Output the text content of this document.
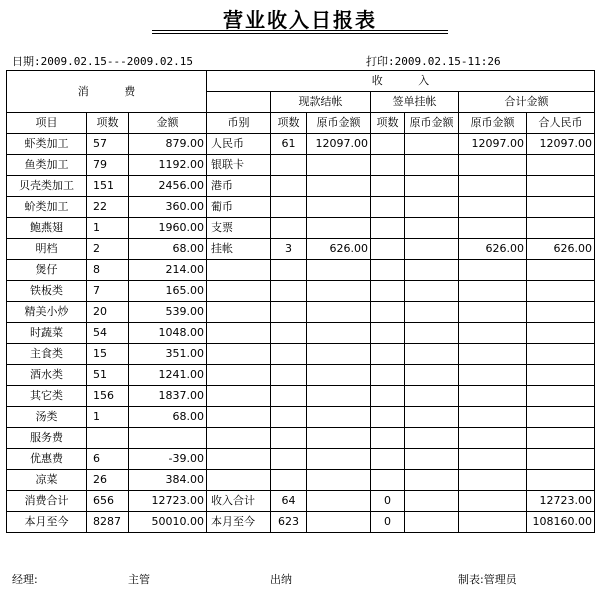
营业收入日报表
日期:2009.02.15---2009.02.15	打印:2009.02.15-11:26
消 费			收 入						
				现款结帐		签单挂帐		合计金额	
项目	项数	金额	币别	项数	原币金额	项数	原币金额	原币金额	合人民币
虾类加工	57	879.00	人民币	61	12097.00			12097.00	12097.00
鱼类加工	79	1192.00	银联卡						
贝壳类加工	151	2456.00	港币						
蚧类加工	22	360.00	葡币						
鲍燕翅	1	1960.00	支票						
明档	2	68.00	挂帐	3	626.00			626.00	626.00
煲仔	8	214.00							
铁板类	7	165.00							
精美小炒	20	539.00							
时蔬菜	54	1048.00							
主食类	15	351.00							
酒水类	51	1241.00							
其它类	156	1837.00							
汤类	1	68.00							
服务费									
优惠费	6	-39.00							
凉菜	26	384.00							
消费合计	656	12723.00	收入合计	64		0			12723.00
本月至今	8287	50010.00	本月至今	623		0			108160.00
经理:	主管	出纳	制表:管理员
